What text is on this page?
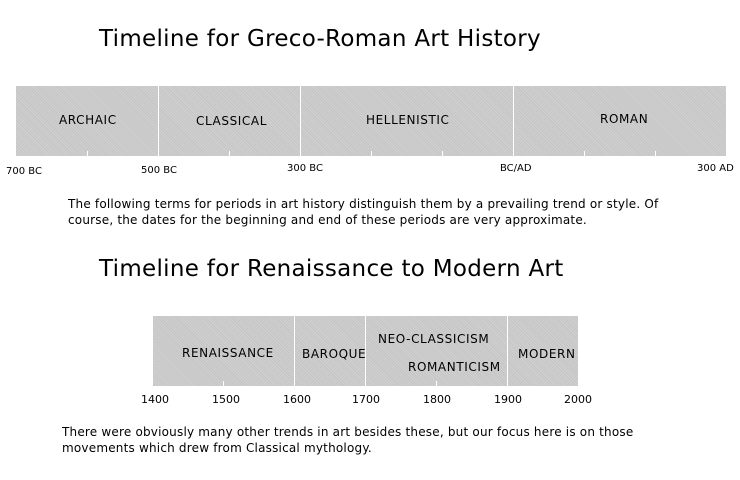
Timeline for Greco-Roman Art History
ARCHAIC	CLASSICAL	HELLENISTIC	ROMAN
700 BC	500 BC	300 BC	BC/AD	300 AD
The following terms for periods in art history distinguish them by a prevailing trend or style. Of course, the dates for the beginning and end of these periods are very approximate.
Timeline for Renaissance to Modern Art
RENAISSANCE BAROQUE
NEO-CLASSICISM
ROMANTICISM
MODERN
1400	1500	1600	1700	1800	1900	2000
There were obviously many other trends in art besides these, but our focus here is on those movements which drew from Classical mythology.
